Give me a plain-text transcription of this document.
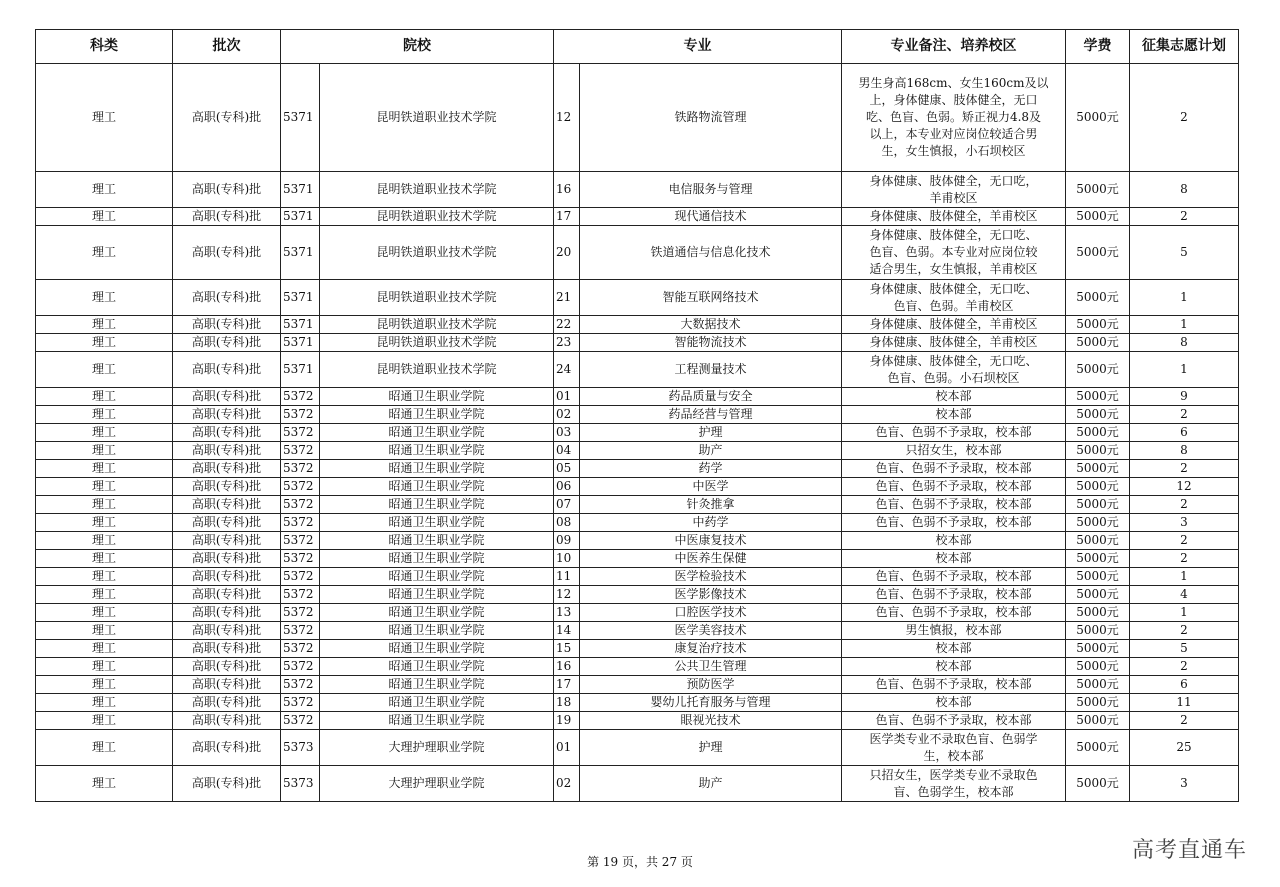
科类	批次	院校		专业		专业备注、培养校区	学费	征集志愿计划
理工	高职(专科)批	5371	昆明铁道职业技术学院	12	铁路物流管理	男生身高168cm、女生160cm及以
上，身体健康、肢体健全，无口
吃、色盲、色弱。矫正视力4.8及
以上，本专业对应岗位较适合男
生，女生慎报，小石坝校区	5000元	2
理工	高职(专科)批	5371	昆明铁道职业技术学院	16	电信服务与管理	身体健康、肢体健全，无口吃，
羊甫校区	5000元	8
理工	高职(专科)批	5371	昆明铁道职业技术学院	17	现代通信技术	身体健康、肢体健全，羊甫校区	5000元	2
理工	高职(专科)批	5371	昆明铁道职业技术学院	20	铁道通信与信息化技术	身体健康、肢体健全，无口吃、
色盲、色弱。本专业对应岗位较
适合男生，女生慎报，羊甫校区	5000元	5
理工	高职(专科)批	5371	昆明铁道职业技术学院	21	智能互联网络技术	身体健康、肢体健全，无口吃、
色盲、色弱。羊甫校区	5000元	1
理工	高职(专科)批	5371	昆明铁道职业技术学院	22	大数据技术	身体健康、肢体健全，羊甫校区	5000元	1
理工	高职(专科)批	5371	昆明铁道职业技术学院	23	智能物流技术	身体健康、肢体健全，羊甫校区	5000元	8
理工	高职(专科)批	5371	昆明铁道职业技术学院	24	工程测量技术	身体健康、肢体健全，无口吃、
色盲、色弱。小石坝校区	5000元	1
理工	高职(专科)批	5372	昭通卫生职业学院	01	药品质量与安全	校本部	5000元	9
理工	高职(专科)批	5372	昭通卫生职业学院	02	药品经营与管理	校本部	5000元	2
理工	高职(专科)批	5372	昭通卫生职业学院	03	护理	色盲、色弱不予录取，校本部	5000元	6
理工	高职(专科)批	5372	昭通卫生职业学院	04	助产	只招女生，校本部	5000元	8
理工	高职(专科)批	5372	昭通卫生职业学院	05	药学	色盲、色弱不予录取，校本部	5000元	2
理工	高职(专科)批	5372	昭通卫生职业学院	06	中医学	色盲、色弱不予录取，校本部	5000元	12
理工	高职(专科)批	5372	昭通卫生职业学院	07	针灸推拿	色盲、色弱不予录取，校本部	5000元	2
理工	高职(专科)批	5372	昭通卫生职业学院	08	中药学	色盲、色弱不予录取，校本部	5000元	3
理工	高职(专科)批	5372	昭通卫生职业学院	09	中医康复技术	校本部	5000元	2
理工	高职(专科)批	5372	昭通卫生职业学院	10	中医养生保健	校本部	5000元	2
理工	高职(专科)批	5372	昭通卫生职业学院	11	医学检验技术	色盲、色弱不予录取，校本部	5000元	1
理工	高职(专科)批	5372	昭通卫生职业学院	12	医学影像技术	色盲、色弱不予录取，校本部	5000元	4
理工	高职(专科)批	5372	昭通卫生职业学院	13	口腔医学技术	色盲、色弱不予录取，校本部	5000元	1
理工	高职(专科)批	5372	昭通卫生职业学院	14	医学美容技术	男生慎报，校本部	5000元	2
理工	高职(专科)批	5372	昭通卫生职业学院	15	康复治疗技术	校本部	5000元	5
理工	高职(专科)批	5372	昭通卫生职业学院	16	公共卫生管理	校本部	5000元	2
理工	高职(专科)批	5372	昭通卫生职业学院	17	预防医学	色盲、色弱不予录取，校本部	5000元	6
理工	高职(专科)批	5372	昭通卫生职业学院	18	婴幼儿托育服务与管理	校本部	5000元	11
理工	高职(专科)批	5372	昭通卫生职业学院	19	眼视光技术	色盲、色弱不予录取，校本部	5000元	2
理工	高职(专科)批	5373	大理护理职业学院	01	护理	医学类专业不录取色盲、色弱学
生，校本部	5000元	25
理工	高职(专科)批	5373	大理护理职业学院	02	助产	只招女生，医学类专业不录取色
盲、色弱学生，校本部	5000元	3
第 19 页，共 27 页	高考直通车
